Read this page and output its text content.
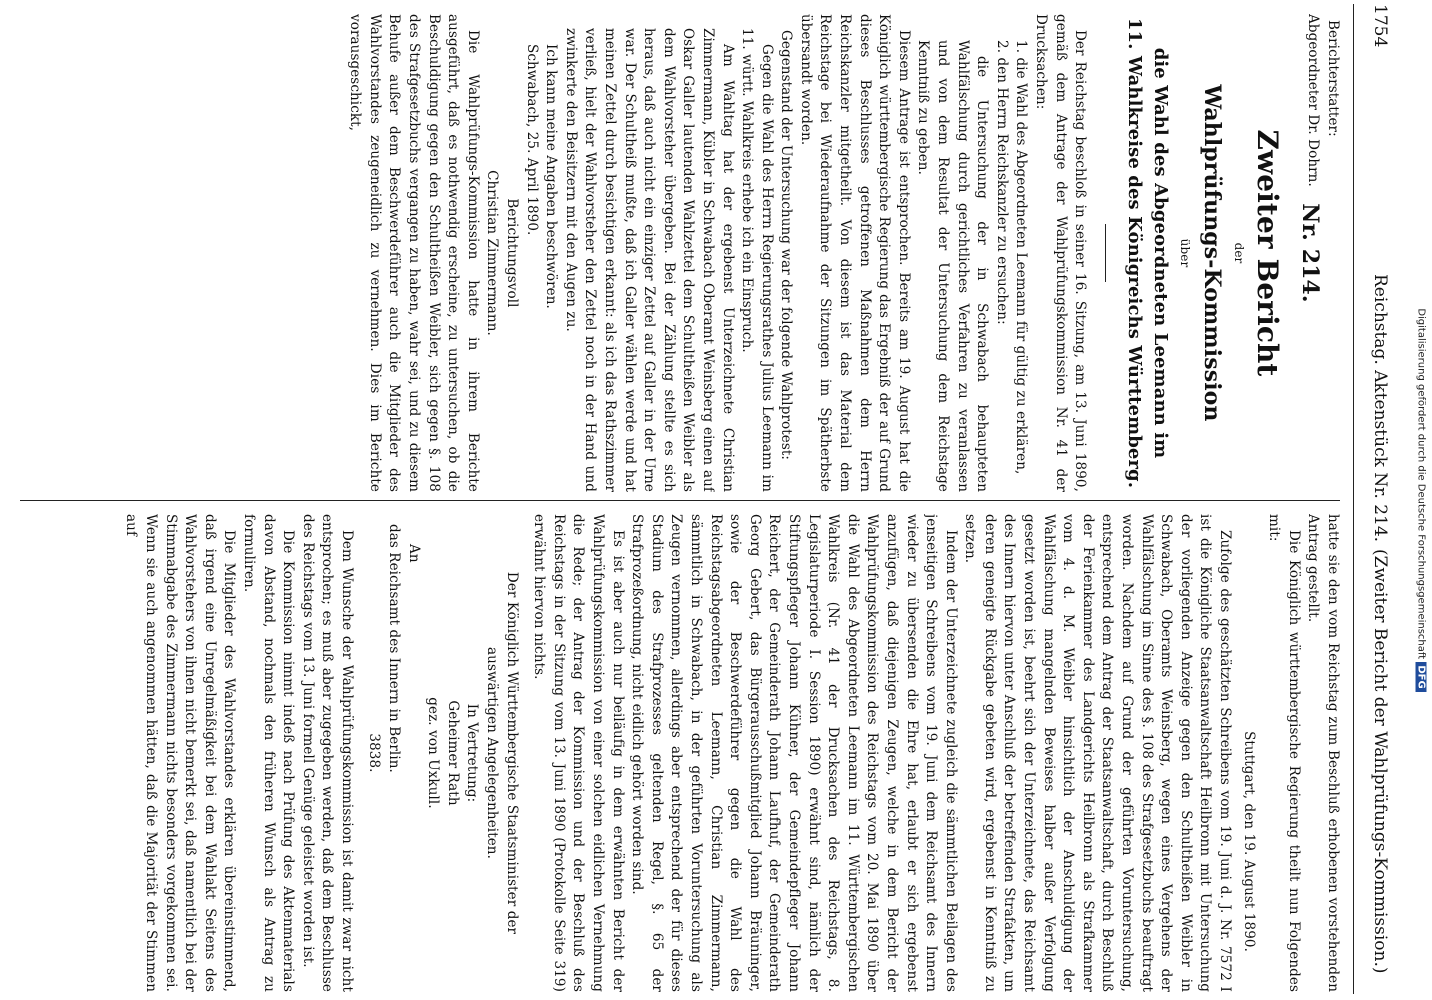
1754
Reichstag. Aktenstück Nr. 214.
(Zweiter Bericht der Wahlprüfungs-Kommission.)

Berichterstatter:

Abgeordneter Dr. Dohrn.

Nr. 214.
Zweiter Bericht
der
Wahlprüfungs-Kommission
über
die Wahl des Abgeordneten Leemann im
11. Wahlkreise des Königreichs Württemberg.

Der Reichstag beschloß in seiner 16. Sitzung, am 13. Juni 1890, gemäß dem Antrage der Wahlprüfungskommission Nr. 41 der Drucksachen:

1. die Wahl des Abgeordneten Leemann für gültig zu erklären,

2. den Herrn Reichskanzler zu ersuchen:

die Untersuchung der in Schwabach behaupteten Wahlfälschung durch gerichtliches Verfahren zu veranlassen und von dem Resultat der Untersuchung dem Reichstage Kenntniß zu geben.

Diesem Antrage ist entsprochen. Bereits am 19. August hat die Königlich württembergische Regierung das Ergebniß der auf Grund dieses Beschlusses getroffenen Maßnahmen dem Herrn Reichskanzler mitgetheilt. Von diesem ist das Material dem Reichstage bei Wiederaufnahme der Sitzungen im Spätherbste übersandt worden.

Gegenstand der Untersuchung war der folgende Wahlprotest:

Gegen die Wahl des Herrn Regierungsrathes Julius Leemann im 11. württ. Wahlkreis erhebe ich ein Einspruch.

Am Wahltag hat der ergebenst Unterzeichnete Christian Zimmermann, Kübler in Schwabach Oberamt Weinsberg einen auf Oskar Galler lautenden Wahlzettel dem Schultheißen Weibler als dem Wahlvorsteher übergeben. Bei der Zählung stellte es sich heraus, daß auch nicht ein einziger Zettel auf Galler in der Urne war. Der Schultheiß mußte, daß ich Galler wählen werde und hat meinen Zettel durch besichtigen erkannt: als ich das Rathszimmer verließ, hielt der Wahlvorsteher den Zettel noch in der Hand und zwinkerte den Beisitzern mit den Augen zu.

Ich kann meine Angaben beschwören.

Schwabach, 25. April 1890.

Berichtungsvoll

Christian Zimmermann.

Die Wahlprüfungs-Kommission hatte in ihrem Berichte ausgeführt, daß es nothwendig erscheine, zu untersuchen, ob die Beschuldigung gegen den Schultheißen Weibler, sich gegen §. 108 des Strafgesetzbuchs vergangen zu haben, wahr sei, und zu diesem Behufe außer dem Beschwerdeführer auch die Mitglieder des Wahlvorstandes zeugeneidlich zu vernehmen. Dies im Berichte vorausgeschickt,

hatte sie den vom Reichstag zum Beschluß erhobenen vorstehenden Antrag gestellt.

Die Königlich württembergische Regierung theilt nun Folgendes mit:

Stuttgart, den 19. August 1890.

Zufolge des geschätzten Schreibens vom 19. Juni d. J. Nr. 7572 I ist die Königliche Staatsanwaltschaft Heilbronn mit Untersuchung der vorliegenden Anzeige gegen den Schultheißen Weibler in Schwabach, Oberamts Weinsberg, wegen eines Vergehens der Wahlfälschung im Sinne des §. 108 des Strafgesetzbuchs beauftragt worden. Nachdem auf Grund der geführten Voruntersuchung, entsprechend dem Antrag der Staatsanwaltschaft, durch Beschluß der Ferienkammer des Landgerichts Heilbronn als Strafkammer vom 4. d. M. Weibler hinsichtlich der Anschuldigung der Wahlfälschung mangelnden Beweises halber außer Verfolgung gesetzt worden ist, beehrt sich der Unterzeichnete, das Reichsamt des Innern hiervon unter Anschluß der betreffenden Strafakten, um deren geneigte Rückgabe gebeten wird, ergebenst in Kenntniß zu setzen.

Indem der Unterzeichnete zugleich die sämmtlichen Beilagen des jenseitigen Schreibens vom 19. Juni dem Reichsamt des Innern wieder zu übersenden die Ehre hat, erlaubt er sich ergebenst anzufügen, daß diejenigen Zeugen, welche in dem Bericht der Wahlprüfungskommission des Reichstags vom 20. Mai 1890 über die Wahl des Abgeordneten Leemann im 11. Württembergischen Wahlkreis (Nr. 41 der Drucksachen des Reichstags, 8. Legislaturperiode I. Session 1890) erwähnt sind, nämlich der Stiftungspfleger Johann Kühner, der Gemeindepfleger Johann Reichert, der Gemeinderath Johann Laufhuf, der Gemeinderath Georg Gebert, das Bürgerausschußmitglied Johann Bräuninger, sowie der Beschwerdeführer gegen die Wahl des Reichstagsabgeordneten Leemann, Christian Zimmermann, sämmtlich in Schwabach, in der geführten Voruntersuchung als Zeugen vernommen, allerdings aber entsprechend der für dieses Stadium des Strafprozesses geltenden Regel, §. 65 der Strafprozeßordnung, nicht eidlich gehört worden sind.

Es ist aber auch nur beiläufig in dem erwähnten Bericht der Wahlprüfungskommission von einer solchen eidlichen Vernehmung die Rede; der Antrag der Kommission und der Beschluß des Reichstags in der Sitzung vom 13. Juni 1890 (Protokolle Seite 319) erwähnt hiervon nichts.

Der Königlich Württembergische Staatsminister der

auswärtigen Angelegenheiten.

In Vertretung:

Geheimer Rath

gez. von Uxkull.

An

das Reichsamt des Innern in Berlin.

3838.

Dem Wunsche der Wahlprüfungskommission ist damit zwar nicht entsprochen; es muß aber zugegeben werden, daß dem Beschlusse des Reichstags vom 13. Juni formell Genüge geleistet worden ist.

Die Kommission nimmt indeß nach Prüfung des Aktenmaterials davon Abstand, nochmals den früheren Wunsch als Antrag zu formuliren.

Die Mitglieder des Wahlvorstandes erklären übereinstimmend, daß irgend eine Unregelmäßigkeit bei dem Wahlakt Seitens des Wahlvorstehers von ihnen nicht bemerkt sei, daß namentlich bei der Stimmabgabe des Zimmermann nichts besonders vorgekommen sei. Wenn sie auch angenommen hätten, daß die Majorität der Stimmen auf	Digitalisierung gefördert durch die Deutsche Forschungsgemeinschaft DFG
